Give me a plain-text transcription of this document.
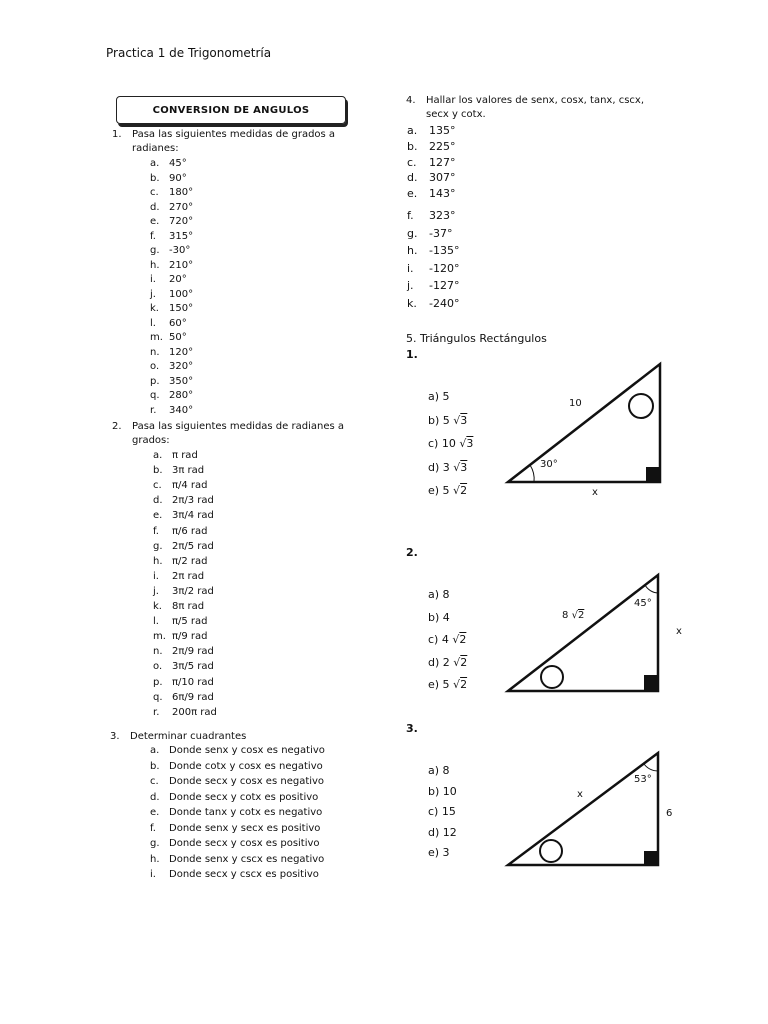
Practica 1 de Trigonometría
CONVERSION DE ANGULOS
1. Pasa las siguientes medidas de grados a
radianes:
a. 45°
b. 90°
c. 180°
d. 270°
e. 720°
f. 315°
g. -30°
h. 210°
i. 20°
j. 100°
k. 150°
l. 60°
m. 50°
n. 120°
o. 320°
p. 350°
q. 280°
r. 340°
2. Pasa las siguientes medidas de radianes a
grados:
a. π rad
b. 3π rad
c. π/4 rad
d. 2π/3 rad
e. 3π/4 rad
f. π/6 rad
g. 2π/5 rad
h. π/2 rad
i. 2π rad
j. 3π/2 rad
k. 8π rad
l. π/5 rad
m. π/9 rad
n. 2π/9 rad
o. 3π/5 rad
p. π/10 rad
q. 6π/9 rad
r. 200π rad
3. Determinar cuadrantes
a. Donde senx y cosx es negativo
b. Donde cotx y cosx es negativo
c. Donde secx y cosx es negativo
d. Donde secx y cotx es positivo
e. Donde tanx y cotx es negativo
f. Donde senx y secx es positivo
g. Donde secx y cosx es positivo
h. Donde senx y cscx es negativo
i. Donde secx y cscx es positivo
4. Hallar los valores de senx, cosx, tanx, cscx,
secx y cotx.
a. 135°
b. 225°
c. 127°
d. 307°
e. 143°
f. 323°
g. -37°
h. -135°
i. -120°
j. -127°
k. -240°
5. Triángulos Rectángulos
1.
a) 5
b) 5 √3
c) 10 √3
d) 3 √3
e) 5 √2
10
30°
x
2.
a) 8
b) 4
c) 4 √2
d) 2 √2
e) 5 √2
8 √2
45°
x
3.
a) 8
b) 10
c) 15
d) 12
e) 3
x
53°
6
